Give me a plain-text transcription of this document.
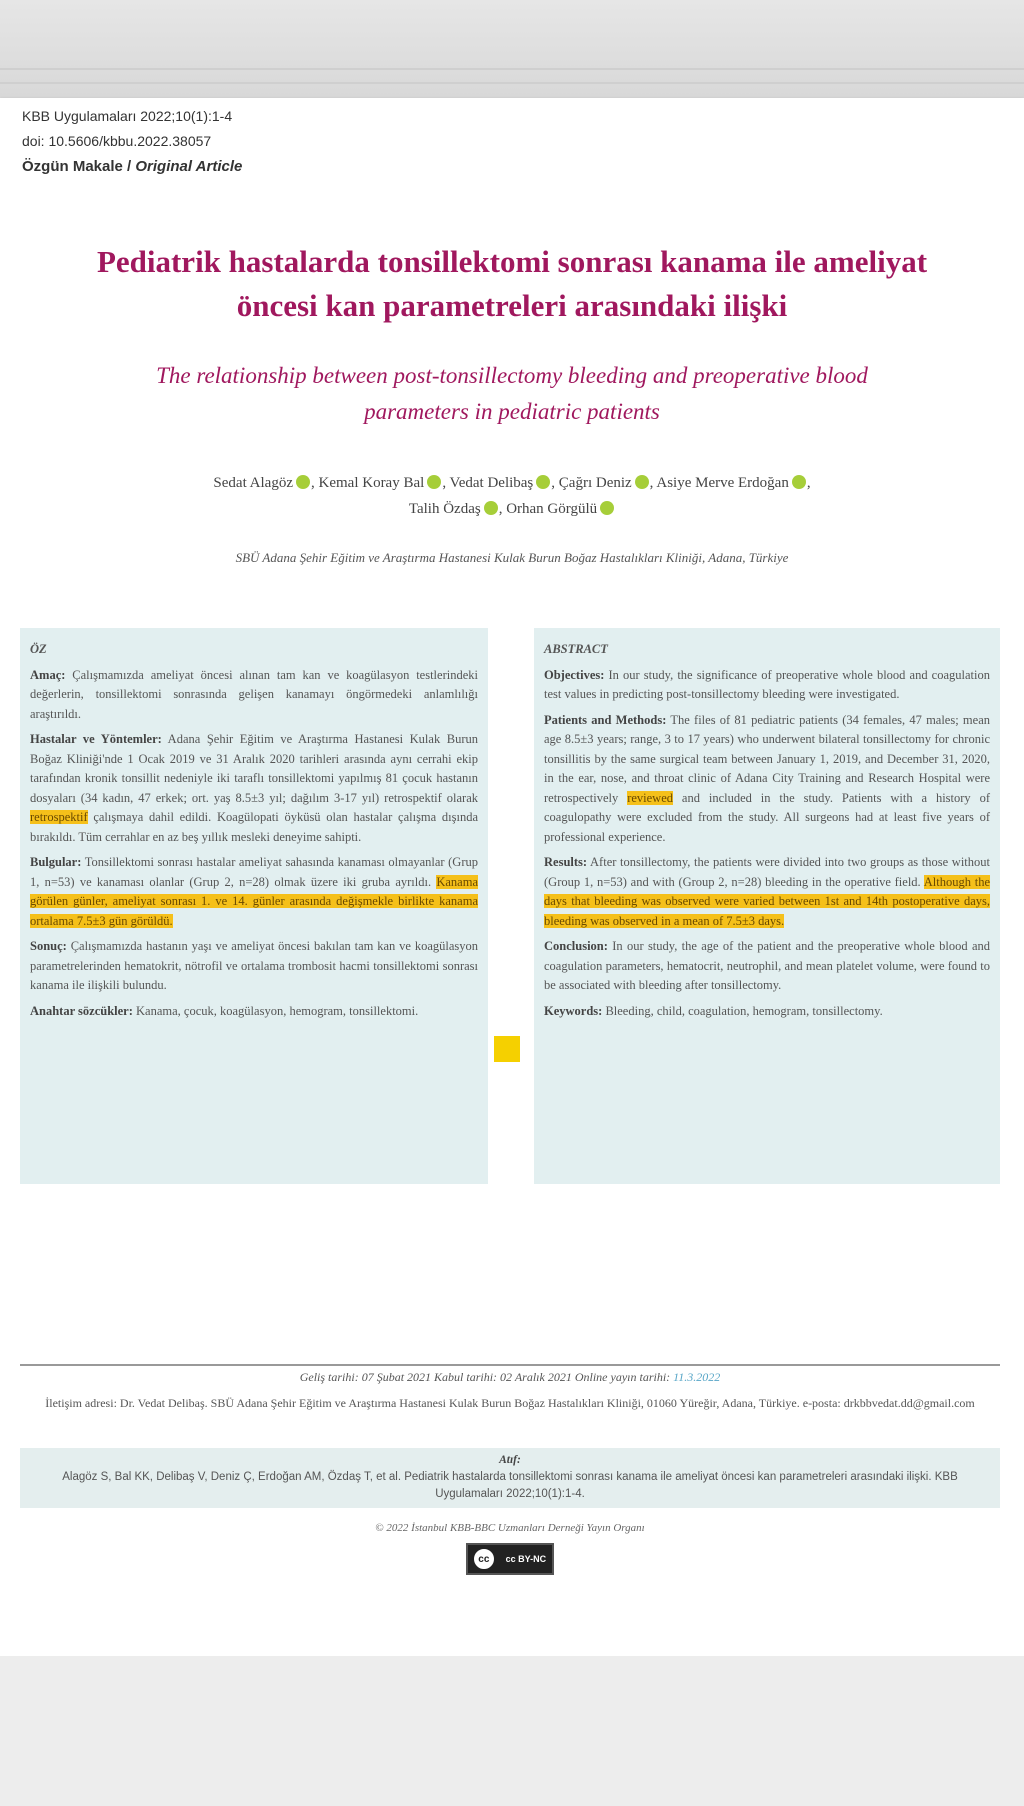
KBB Uygulamaları 2022;10(1):1-4
doi: 10.5606/kbbu.2022.38057
Özgün Makale / Original Article
Pediatrik hastalarda tonsillektomi sonrası kanama ile ameliyat öncesi kan parametreleri arasındaki ilişki
The relationship between post-tonsillectomy bleeding and preoperative blood parameters in pediatric patients
Sedat Alagöz , Kemal Koray Bal , Vedat Delibaş , Çağrı Deniz , Asiye Merve Erdoğan ,
Talih Özdaş , Orhan Görgülü
SBÜ Adana Şehir Eğitim ve Araştırma Hastanesi Kulak Burun Boğaz Hastalıkları Kliniği, Adana, Türkiye
ÖZ

Amaç: Çalışmamızda ameliyat öncesi alınan tam kan ve koagülasyon testlerindeki değerlerin, tonsillektomi sonrasında gelişen kanamayı öngörmedeki anlamlılığı araştırıldı.

Hastalar ve Yöntemler: Adana Şehir Eğitim ve Araştırma Hastanesi Kulak Burun Boğaz Kliniği'nde 1 Ocak 2019 ve 31 Aralık 2020 tarihleri arasında aynı cerrahi ekip tarafından kronik tonsillit nedeniyle iki taraflı tonsillektomi yapılmış 81 çocuk hastanın dosyaları (34 kadın, 47 erkek; ort. yaş 8.5±3 yıl; dağılım 3-17 yıl) retrospektif olarak retrospektif çalışmaya dahil edildi. Koagülopati öyküsü olan hastalar çalışma dışında bırakıldı. Tüm cerrahlar en az beş yıllık mesleki deneyime sahipti.

Bulgular: Tonsillektomi sonrası hastalar ameliyat sahasında kanaması olmayanlar (Grup 1, n=53) ve kanaması olanlar (Grup 2, n=28) olmak üzere iki gruba ayrıldı. Kanama görülen günler, ameliyat sonrası 1. ve 14. günler arasında değişmekle birlikte kanama ortalama 7.5±3 gün görüldü.

Sonuç: Çalışmamızda hastanın yaşı ve ameliyat öncesi bakılan tam kan ve koagülasyon parametrelerinden hematokrit, nötrofil ve ortalama trombosit hacmi tonsillektomi sonrası kanama ile ilişkili bulundu.

Anahtar sözcükler: Kanama, çocuk, koagülasyon, hemogram, tonsillektomi.

ABSTRACT

Objectives: In our study, the significance of preoperative whole blood and coagulation test values in predicting post-tonsillectomy bleeding were investigated.

Patients and Methods: The files of 81 pediatric patients (34 females, 47 males; mean age 8.5±3 years; range, 3 to 17 years) who underwent bilateral tonsillectomy for chronic tonsillitis by the same surgical team between January 1, 2019, and December 31, 2020, in the ear, nose, and throat clinic of Adana City Training and Research Hospital were retrospectively reviewed and included in the study. Patients with a history of coagulopathy were excluded from the study. All surgeons had at least five years of professional experience.

Results: After tonsillectomy, the patients were divided into two groups as those without (Group 1, n=53) and with (Group 2, n=28) bleeding in the operative field. Although the days that bleeding was observed were varied between 1st and 14th postoperative days, bleeding was observed in a mean of 7.5±3 days.

Conclusion: In our study, the age of the patient and the preoperative whole blood and coagulation parameters, hematocrit, neutrophil, and mean platelet volume, were found to be associated with bleeding after tonsillectomy.

Keywords: Bleeding, child, coagulation, hemogram, tonsillectomy.

Geliş tarihi: 07 Şubat 2021 Kabul tarihi: 02 Aralık 2021 Online yayın tarihi: 11.3.2022
İletişim adresi: Dr. Vedat Delibaş. SBÜ Adana Şehir Eğitim ve Araştırma Hastanesi Kulak Burun Boğaz Hastalıkları Kliniği, 01060 Yüreğir, Adana, Türkiye. e-posta: drkbbvedat.dd@gmail.com
Atıf:
Alagöz S, Bal KK, Delibaş V, Deniz Ç, Erdoğan AM, Özdaş T, et al. Pediatrik hastalarda tonsillektomi sonrası kanama ile ameliyat öncesi kan parametreleri arasındaki ilişki. KBB Uygulamaları 2022;10(1):1-4.
© 2022 İstanbul KBB-BBC Uzmanları Derneği Yayın Organı
cc	cc BY-NC
